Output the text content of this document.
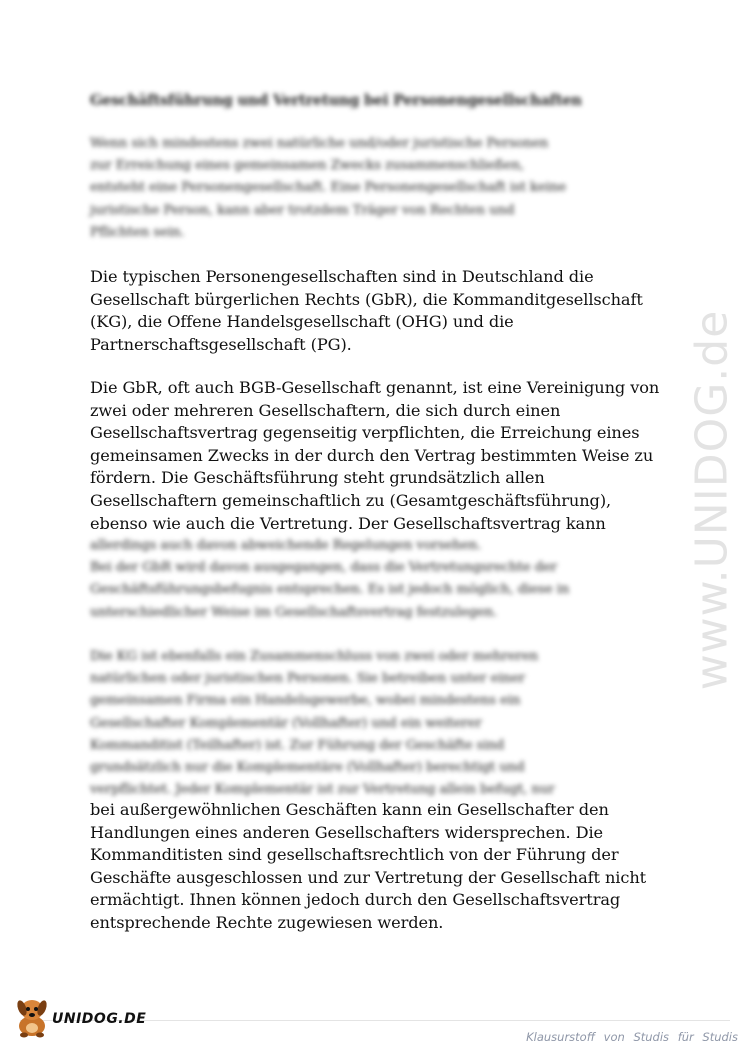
www.UNIDOG.de
Geschäftsführung und Vertretung bei Personengesellschaften
Wenn sich mindestens zwei natürliche und/oder juristische Personen
zur Erreichung eines gemeinsamen Zwecks zusammenschließen,
entsteht eine Personengesellschaft. Eine Personengesellschaft ist keine
juristische Person, kann aber trotzdem Träger von Rechten und
Pflichten sein.
Die typischen Personengesellschaften sind in Deutschland die
Gesellschaft bürgerlichen Rechts (GbR), die Kommanditgesellschaft
(KG), die Offene Handelsgesellschaft (OHG) und die
Partnerschaftsgesellschaft (PG).
Die GbR, oft auch BGB-Gesellschaft genannt, ist eine Vereinigung von
zwei oder mehreren Gesellschaftern, die sich durch einen
Gesellschaftsvertrag gegenseitig verpflichten, die Erreichung eines
gemeinsamen Zwecks in der durch den Vertrag bestimmten Weise zu
fördern. Die Geschäftsführung steht grundsätzlich allen
Gesellschaftern gemeinschaftlich zu (Gesamtgeschäftsführung),
ebenso wie auch die Vertretung. Der Gesellschaftsvertrag kann
allerdings auch davon abweichende Regelungen vorsehen.
Bei der GbR wird davon ausgegangen, dass die Vertretungsrechte der
Geschäftsführungsbefugnis entsprechen. Es ist jedoch möglich, diese in
unterschiedlicher Weise im Gesellschaftsvertrag festzulegen.
Die KG ist ebenfalls ein Zusammenschluss von zwei oder mehreren
natürlichen oder juristischen Personen. Sie betreiben unter einer
gemeinsamen Firma ein Handelsgewerbe, wobei mindestens ein
Gesellschafter Komplementär (Vollhafter) und ein weiterer
Kommanditist (Teilhafter) ist. Zur Führung der Geschäfte sind
grundsätzlich nur die Komplementäre (Vollhafter) berechtigt und
verpflichtet. Jeder Komplementär ist zur Vertretung allein befugt, nur
bei außergewöhnlichen Geschäften kann ein Gesellschafter den
Handlungen eines anderen Gesellschafters widersprechen. Die
Kommanditisten sind gesellschaftsrechtlich von der Führung der
Geschäfte ausgeschlossen und zur Vertretung der Gesellschaft nicht
ermächtigt. Ihnen können jedoch durch den Gesellschaftsvertrag
entsprechende Rechte zugewiesen werden.
UNIDOG.DE
Klausurstoff von Studis für Studis
